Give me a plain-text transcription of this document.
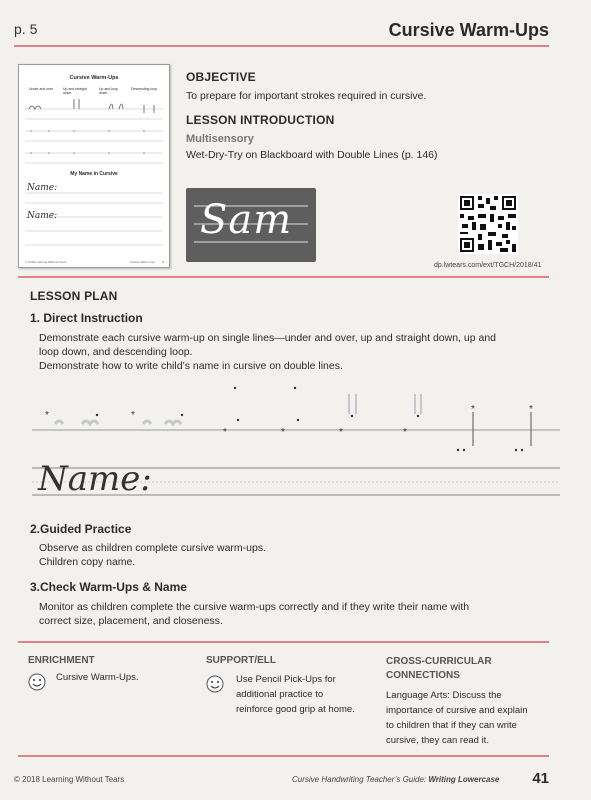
p. 5	Cursive Warm-Ups
Cursive Warm-Ups
Under and over	Up and straight down
Up and loop down
Descending loop
My Name in Cursive
Name:
Name:
© 2018 Learning Without Tears	Cursive Warm-Ups 5
OBJECTIVE
To prepare for important strokes required in cursive.
LESSON INTRODUCTION
Multisensory
Wet-Dry-Try on Blackboard with Double Lines (p. 146)
Sam
dp.lwtears.com/ext/TGCH/2018/41
LESSON PLAN
1. Direct Instruction
Demonstrate each cursive warm-up on single lines—under and over, up and straight down, up and
loop down, and descending loop.
Demonstrate how to write child’s name in cursive on double lines.
*	*
*	*	*	*
*	*
Name:
2.Guided Practice
Observe as children complete cursive warm-ups.
Children copy name.
3.Check Warm-Ups & Name
Monitor as children complete the cursive warm-ups correctly and if they write their name with
correct size, placement, and closeness.
ENRICHMENT
Cursive Warm-Ups.
SUPPORT/ELL
Use Pencil Pick-Ups for
additional practice to
reinforce good grip at home.
CROSS-CURRICULAR
CONNECTIONS
Language Arts: Discuss the
importance of cursive and explain
to children that if they can write
cursive, they can read it.
© 2018 Learning Without Tears	Cursive Handwriting Teacher’s Guide: Writing Lowercase 41
